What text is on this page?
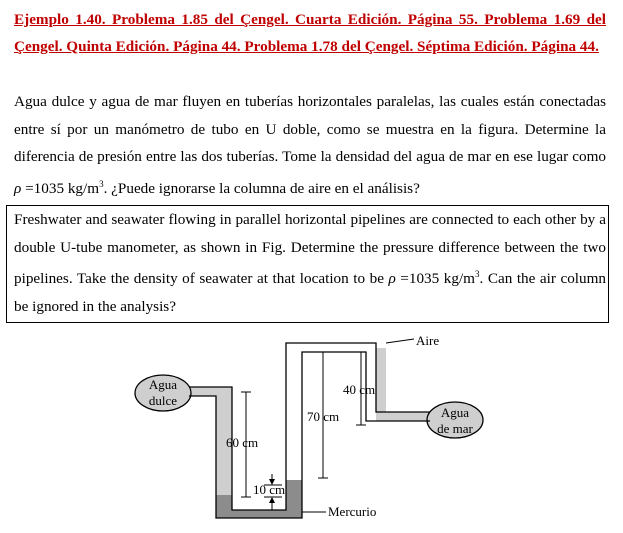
Ejemplo 1.40. Problema 1.85 del Çengel. Cuarta Edición. Página 55. Problema 1.69 del Çengel. Quinta Edición. Página 44. Problema 1.78 del Çengel. Séptima Edición. Página 44.
Agua dulce y agua de mar fluyen en tuberías horizontales paralelas, las cuales están conectadas entre sí por un manómetro de tubo en U doble, como se muestra en la figura. Determine la diferencia de presión entre las dos tuberías. Tome la densidad del agua de mar en ese lugar como ρ =1035 $kg/m^3$. ¿Puede ignorarse la columna de aire en el análisis?
Freshwater and seawater flowing in parallel horizontal pipelines are connected to each other by a double U-tube manometer, as shown in Fig. Determine the pressure difference between the two pipelines. Take the density of seawater at that location to be ρ =1035 $kg/m^3$. Can the air column be ignored in the analysis?
Agua
dulce
Agua
de mar
Aire
Mercurio
40 cm
70 cm
60 cm
10 cm
